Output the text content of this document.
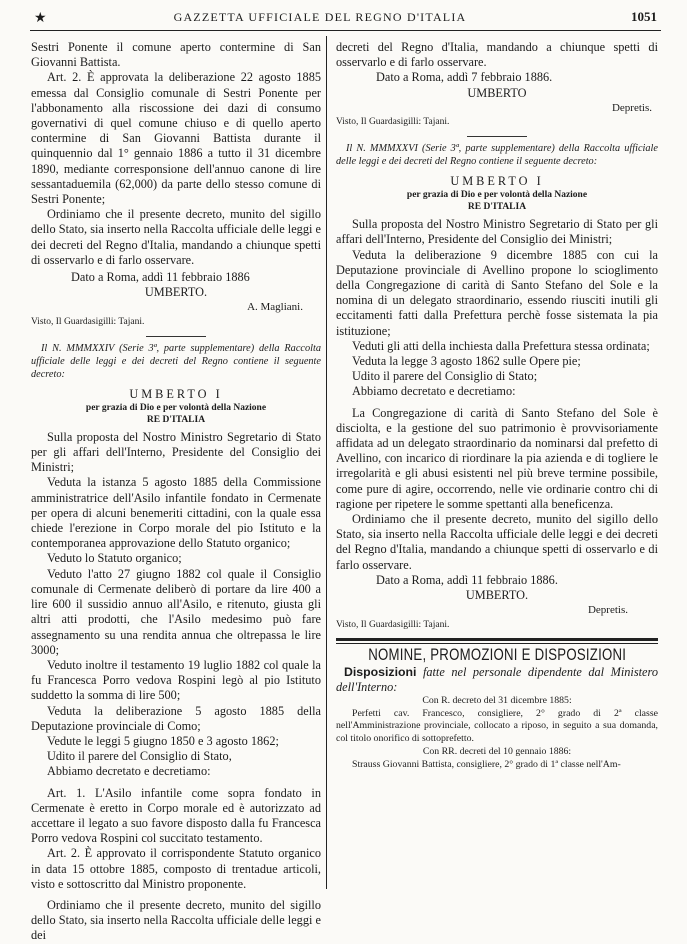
★	GAZZETTA UFFICIALE DEL REGNO D'ITALIA	1051

Sestri Ponente il comune aperto contermine di San Giovanni Battista.

Art. 2. È approvata la deliberazione 22 agosto 1885 emessa dal Consiglio comunale di Sestri Ponente per l'abbonamento alla riscossione dei dazi di consumo governativi di quel comune chiuso e di quello aperto contermine di San Giovanni Battista durante il quinquennio dal 1° gennaio 1886 a tutto il 31 dicembre 1890, mediante corresponsione dell'annuo canone di lire sessantaduemila (62,000) da parte dello stesso comune di Sestri Ponente;

Ordiniamo che il presente decreto, munito del sigillo dello Stato, sia inserto nella Raccolta ufficiale delle leggi e dei decreti del Regno d'Italia, mandando a chiunque spetti di osservarlo e di farlo osservare.

Dato a Roma, addì 11 febbraio 1886

UMBERTO.

A. Magliani.

Visto, Il Guardasigilli: Tajani.

Il N. MMMXXIV (Serie 3ª, parte supplementare) della Raccolta ufficiale delle leggi e dei decreti del Regno contiene il seguente decreto:

UMBERTO I

per grazia di Dio e per volontà della Nazione

RE D'ITALIA

Sulla proposta del Nostro Ministro Segretario di Stato per gli affari dell'Interno, Presidente del Consiglio dei Ministri;

Veduta la istanza 5 agosto 1885 della Commissione amministratrice dell'Asilo infantile fondato in Cermenate per opera di alcuni benemeriti cittadini, con la quale essa chiede l'erezione in Corpo morale del pio Istituto e la contemporanea approvazione dello Statuto organico;

Veduto lo Statuto organico;

Veduto l'atto 27 giugno 1882 col quale il Consiglio comunale di Cermenate deliberò di portare da lire 400 a lire 600 il sussidio annuo all'Asilo, e ritenuto, giusta gli altri atti prodotti, che l'Asilo medesimo può fare assegnamento su una rendita annua che oltrepassa le lire 3000;

Veduto inoltre il testamento 19 luglio 1882 col quale la fu Francesca Porro vedova Rospini legò al pio Istituto suddetto la somma di lire 500;

Veduta la deliberazione 5 agosto 1885 della Deputazione provinciale di Como;

Vedute le leggi 5 giugno 1850 e 3 agosto 1862;

Udito il parere del Consiglio di Stato,

Abbiamo decretato e decretiamo:

Art. 1. L'Asilo infantile come sopra fondato in Cermenate è eretto in Corpo morale ed è autorizzato ad accettare il legato a suo favore disposto dalla fu Francesca Porro vedova Rospini col succitato testamento.

Art. 2. È approvato il corrispondente Statuto organico in data 15 ottobre 1885, composto di trentadue articoli, visto e sottoscritto dal Ministro proponente.

Ordiniamo che il presente decreto, munito del sigillo dello Stato, sia inserto nella Raccolta ufficiale delle leggi e dei

decreti del Regno d'Italia, mandando a chiunque spetti di osservarlo e di farlo osservare.

Dato a Roma, addì 7 febbraio 1886.

UMBERTO

Depretis.

Visto, Il Guardasigilli: Tajani.

Il N. MMMXXVI (Serie 3ª, parte supplementare) della Raccolta ufficiale delle leggi e dei decreti del Regno contiene il seguente decreto:

UMBERTO I

per grazia di Dio e per volontà della Nazione

RE D'ITALIA

Sulla proposta del Nostro Ministro Segretario di Stato per gli affari dell'Interno, Presidente del Consiglio dei Ministri;

Veduta la deliberazione 9 dicembre 1885 con cui la Deputazione provinciale di Avellino propone lo scioglimento della Congregazione di carità di Santo Stefano del Sole e la nomina di un delegato straordinario, essendo riusciti inutili gli eccitamenti fatti dalla Prefettura perchè fosse sistemata la pia istituzione;

Veduti gli atti della inchiesta dalla Prefettura stessa ordinata;

Veduta la legge 3 agosto 1862 sulle Opere pie;

Udito il parere del Consiglio di Stato;

Abbiamo decretato e decretiamo:

La Congregazione di carità di Santo Stefano del Sole è disciolta, e la gestione del suo patrimonio è provvisoriamente affidata ad un delegato straordinario da nominarsi dal prefetto di Avellino, con incarico di riordinare la pia azienda e di togliere le irregolarità e gli abusi esistenti nel più breve termine possibile, come pure di agire, occorrendo, nelle vie ordinarie contro chi di ragione per ripetere le somme spettanti alla beneficenza.

Ordiniamo che il presente decreto, munito del sigillo dello Stato, sia inserto nella Raccolta ufficiale delle leggi e dei decreti del Regno d'Italia, mandando a chiunque spetti di osservarlo e di farlo osservare.

Dato a Roma, addì 11 febbraio 1886.

UMBERTO.

Depretis.

Visto, Il Guardasigilli: Tajani.

NOMINE, PROMOZIONI E DISPOSIZIONI

Disposizioni fatte nel personale dipendente dal Ministero dell'Interno:

Con R. decreto del 31 dicembre 1885:

Perfetti cav. Francesco, consigliere, 2° grado di 2ª classe nell'Amministrazione provinciale, collocato a riposo, in seguito a sua domanda, col titolo onorifico di sottoprefetto.

Con RR. decreti del 10 gennaio 1886:

Strauss Giovanni Battista, consigliere, 2° grado di 1ª classe nell'Am-
